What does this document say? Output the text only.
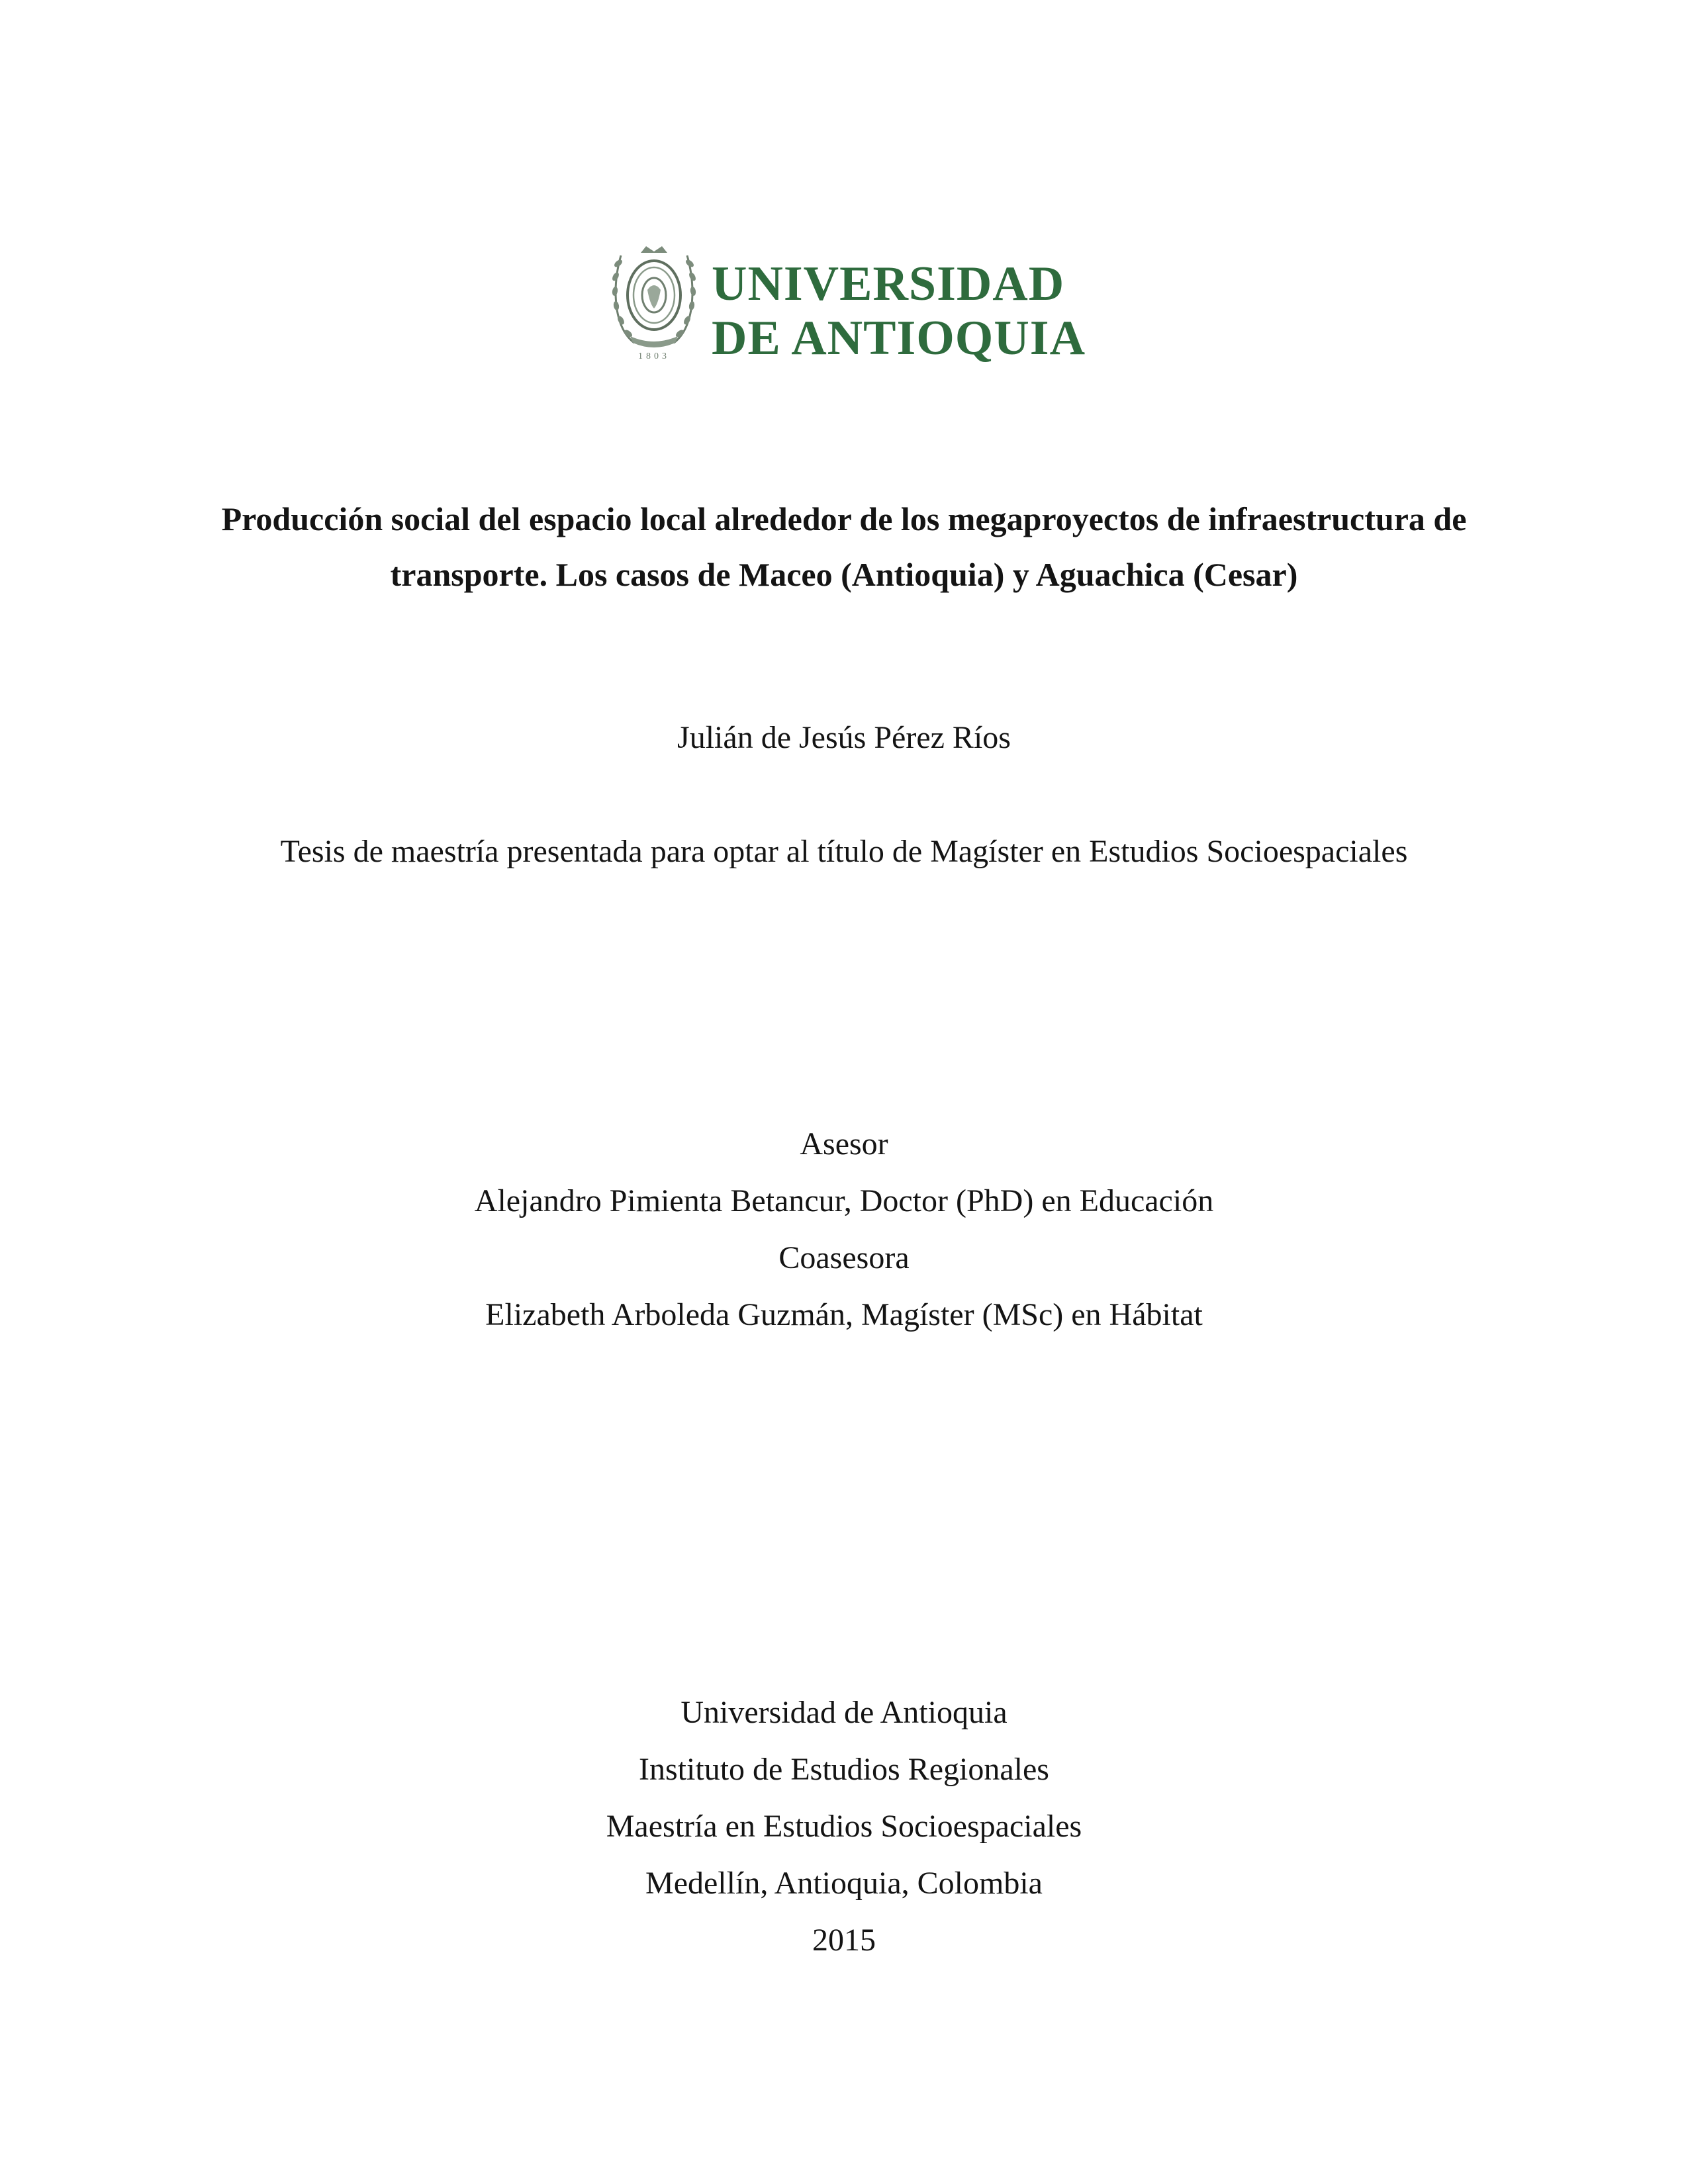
1803
UNIVERSIDAD
DE ANTIOQUIA
Producción social del espacio local alrededor de los megaproyectos de infraestructura de
transporte. Los casos de Maceo (Antioquia) y Aguachica (Cesar)
Julián de Jesús Pérez Ríos
Tesis de maestría presentada para optar al título de Magíster en Estudios Socioespaciales
Asesor
Alejandro Pimienta Betancur, Doctor (PhD) en Educación
Coasesora
Elizabeth Arboleda Guzmán, Magíster (MSc) en Hábitat
Universidad de Antioquia
Instituto de Estudios Regionales
Maestría en Estudios Socioespaciales
Medellín, Antioquia, Colombia
2015
